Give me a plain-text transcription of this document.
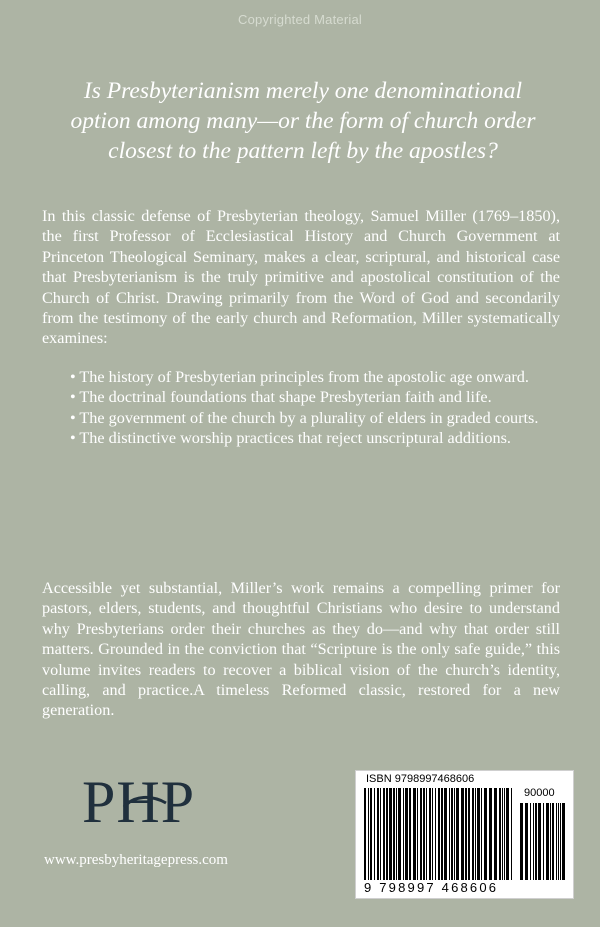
Copyrighted Material
Is Presbyterianism merely one denominational option among many—or the form of church order closest to the pattern left by the apostles?
In this classic defense of Presbyterian theology, Samuel Miller (1769–1850), the first Professor of Ecclesiastical History and Church Government at Princeton Theological Seminary, makes a clear, scriptural, and historical case that Presbyterianism is the truly primitive and apostolical constitution of the Church of Christ. Drawing primarily from the Word of God and secondarily from the testimony of the early church and Reformation, Miller systematically examines:

• The history of Presbyterian principles from the apostolic age onward.

• The doctrinal foundations that shape Presbyterian faith and life.

• The government of the church by a plurality of elders in graded courts.

• The distinctive worship practices that reject unscriptural additions.

Accessible yet substantial, Miller’s work remains a compelling primer for pastors, elders, students, and thoughtful Christians who desire to understand why Presbyterians order their churches as they do—and why that order still matters. Grounded in the conviction that “Scripture is the only safe guide,” this volume invites readers to recover a biblical vision of the church’s identity, calling, and practice.A timeless Reformed classic, restored for a new generation.
PHP
www.presbyheritagepress.com
ISBN 9798997468606
90000
9 798997 468606
